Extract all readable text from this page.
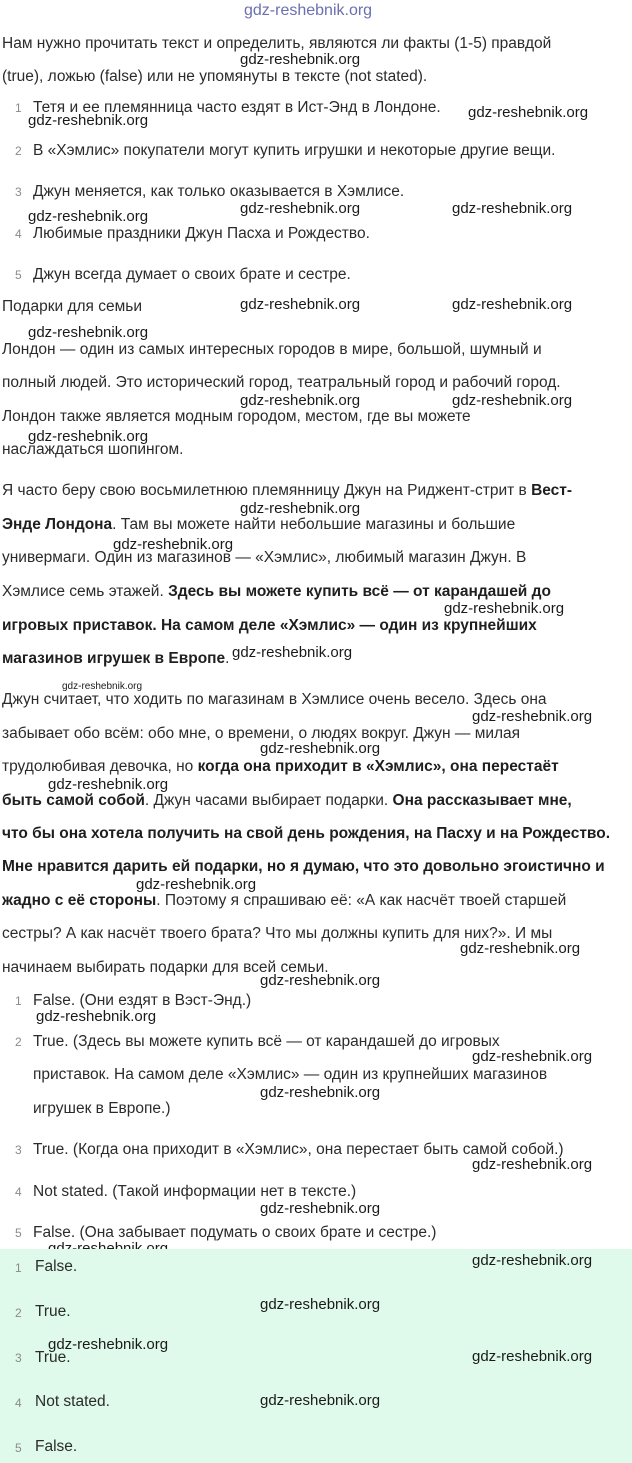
gdz-reshebnik.org
Нам нужно прочитать текст и определить, являются ли факты (1-5) правдой
gdz-reshebnik.org
(true), ложью (false) или не упомянуты в тексте (not stated).
1 Тетя и ее племянница часто ездят в Ист-Энд в Лондоне. gdz-reshebnik.org
gdz-reshebnik.org
2 В «Хэмлис» покупатели могут купить игрушки и некоторые другие вещи.
3 Джун меняется, как только оказывается в Хэмлисе.
gdz-reshebnik.org	gdz-reshebnik.org
gdz-reshebnik.org
4 Любимые праздники Джун Пасха и Рождество.
5 Джун всегда думает о своих брате и сестре.
Подарки для семьи	gdz-reshebnik.org	gdz-reshebnik.org
gdz-reshebnik.org
Лондон — один из самых интересных городов в мире, большой, шумный и
полный людей. Это исторический город, театральный город и рабочий город.
gdz-reshebnik.org	gdz-reshebnik.org
Лондон также является модным городом, местом, где вы можете
gdz-reshebnik.org
наслаждаться шопингом.
Я часто беру свою восьмилетнюю племянницу Джун на Риджент-стрит в Вест-
gdz-reshebnik.org
Энде Лондона. Там вы можете найти небольшие магазины и большие
gdz-reshebnik.org
универмаги. Один из магазинов — «Хэмлис», любимый магазин Джун. В
Хэмлисе семь этажей. Здесь вы можете купить всё — от карандашей до
gdz-reshebnik.org
игровых приставок. На самом деле «Хэмлис» — один из крупнейших
магазинов игрушек в Европе. gdz-reshebnik.org
gdz-reshebnik.org
Джун считает, что ходить по магазинам в Хэмлисе очень весело. Здесь она
gdz-reshebnik.org
забывает обо всём: обо мне, о времени, о людях вокруг. Джун — милая
gdz-reshebnik.org
трудолюбивая девочка, но когда она приходит в «Хэмлис», она перестаёт
gdz-reshebnik.org
быть самой собой. Джун часами выбирает подарки. Она рассказывает мне,
что бы она хотела получить на свой день рождения, на Пасху и на Рождество.
Мне нравится дарить ей подарки, но я думаю, что это довольно эгоистично и
gdz-reshebnik.org
жадно с её стороны. Поэтому я спрашиваю её: «А как насчёт твоей старшей
сестры? А как насчёт твоего брата? Что мы должны купить для них?». И мы
gdz-reshebnik.org
начинаем выбирать подарки для всей семьи.
gdz-reshebnik.org
1 False. (Они ездят в Вэст-Энд.)
gdz-reshebnik.org
2 True. (Здесь вы можете купить всё — от карандашей до игровых
gdz-reshebnik.org
приставок. На самом деле «Хэмлис» — один из крупнейших магазинов
gdz-reshebnik.org
игрушек в Европе.)
3 True. (Когда она приходит в «Хэмлис», она перестает быть самой собой.)
gdz-reshebnik.org
4 Not stated. (Такой информации нет в тексте.)
gdz-reshebnik.org
5 False. (Она забывает подумать о своих брате и сестре.)
1 False.	gdz-reshebnik.org
2 True.	gdz-reshebnik.org
gdz-reshebnik.org
3 True.	gdz-reshebnik.org
4 Not stated.	gdz-reshebnik.org
5 False.
